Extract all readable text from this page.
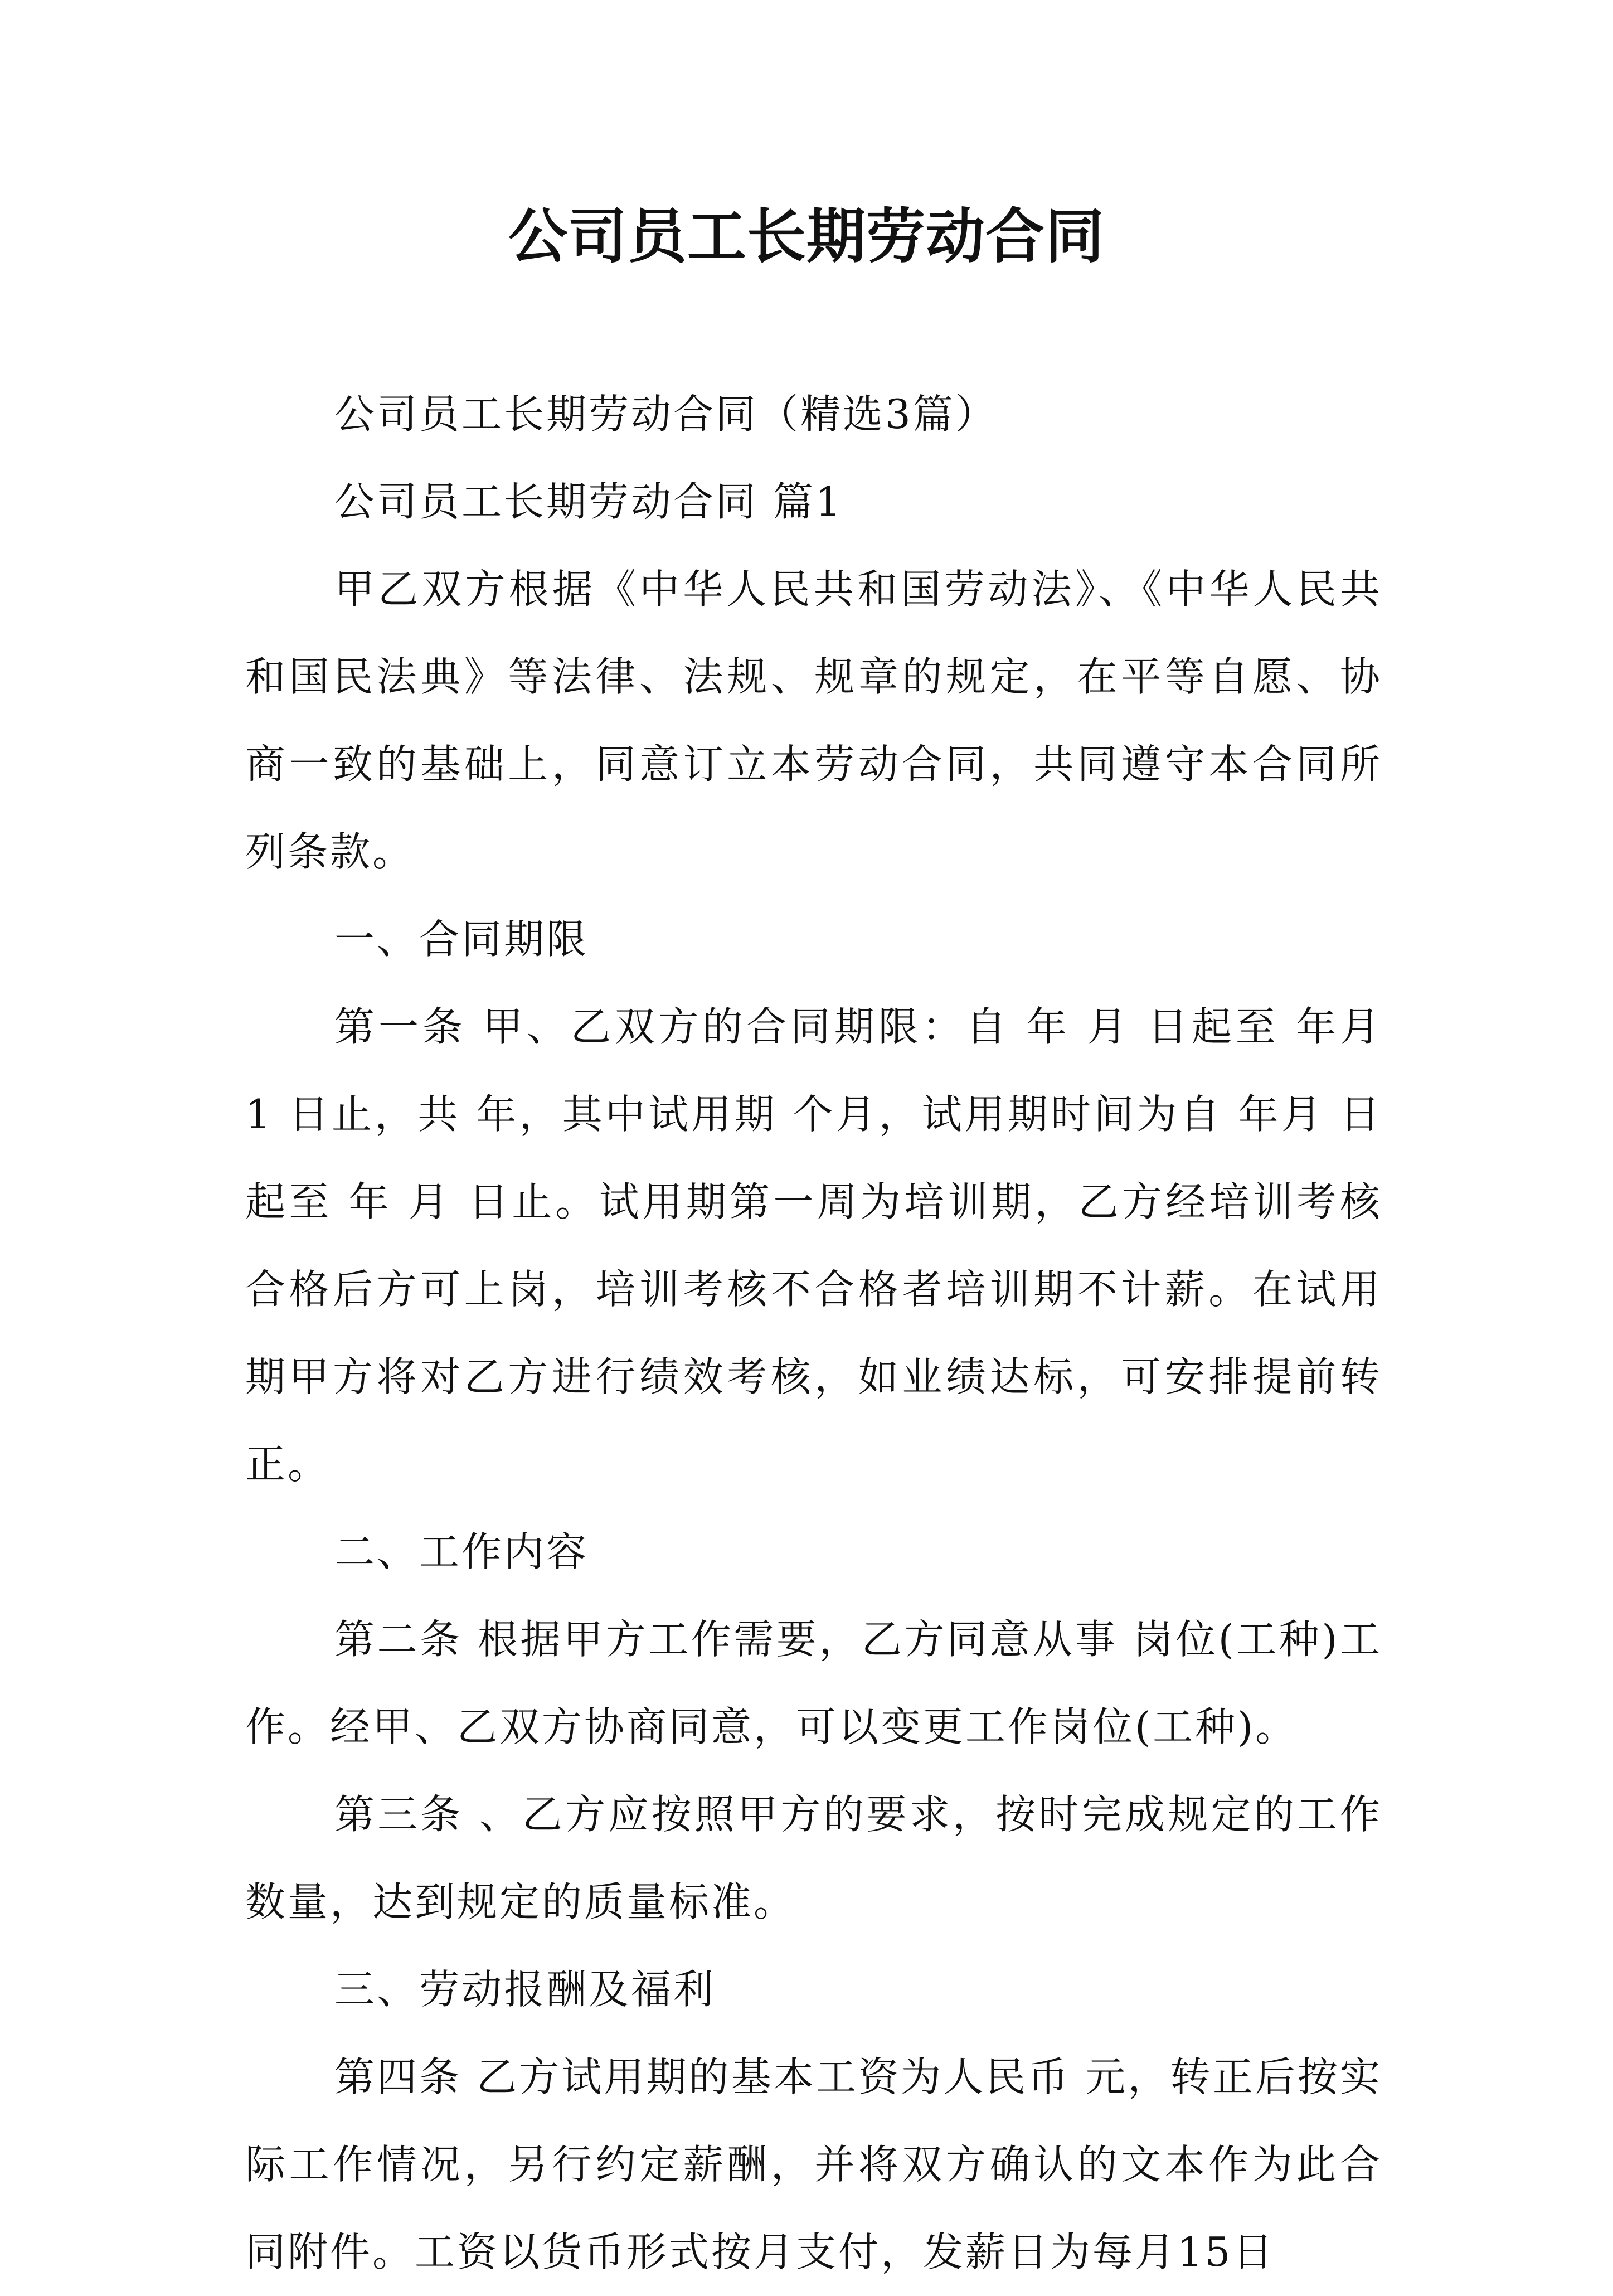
公司员工长期劳动合同

公司员工长期劳动合同（精选3篇）

公司员工长期劳动合同 篇1

甲乙双方根据《中华人民共和国劳动法》、《中华人民共和国民法典》等法律、法规、规章的规定，在平等自愿、协商一致的基础上，同意订立本劳动合同，共同遵守本合同所列条款。

一、合同期限

第一条 甲、乙双方的合同期限：自 年 月 日起至 年月 1 日止，共 年，其中试用期 个月，试用期时间为自 年月 日起至 年 月 日止。试用期第一周为培训期，乙方经培训考核合格后方可上岗，培训考核不合格者培训期不计薪。在试用期甲方将对乙方进行绩效考核，如业绩达标，可安排提前转正。

二、工作内容

第二条 根据甲方工作需要，乙方同意从事 岗位(工种)工作。经甲、乙双方协商同意，可以变更工作岗位(工种)。

第三条 、乙方应按照甲方的要求，按时完成规定的工作数量，达到规定的质量标准。

三、劳动报酬及福利

第四条 乙方试用期的基本工资为人民币 元，转正后按实际工作情况，另行约定薪酬，并将双方确认的文本作为此合同附件。工资以货币形式按月支付，发薪日为每月15日
